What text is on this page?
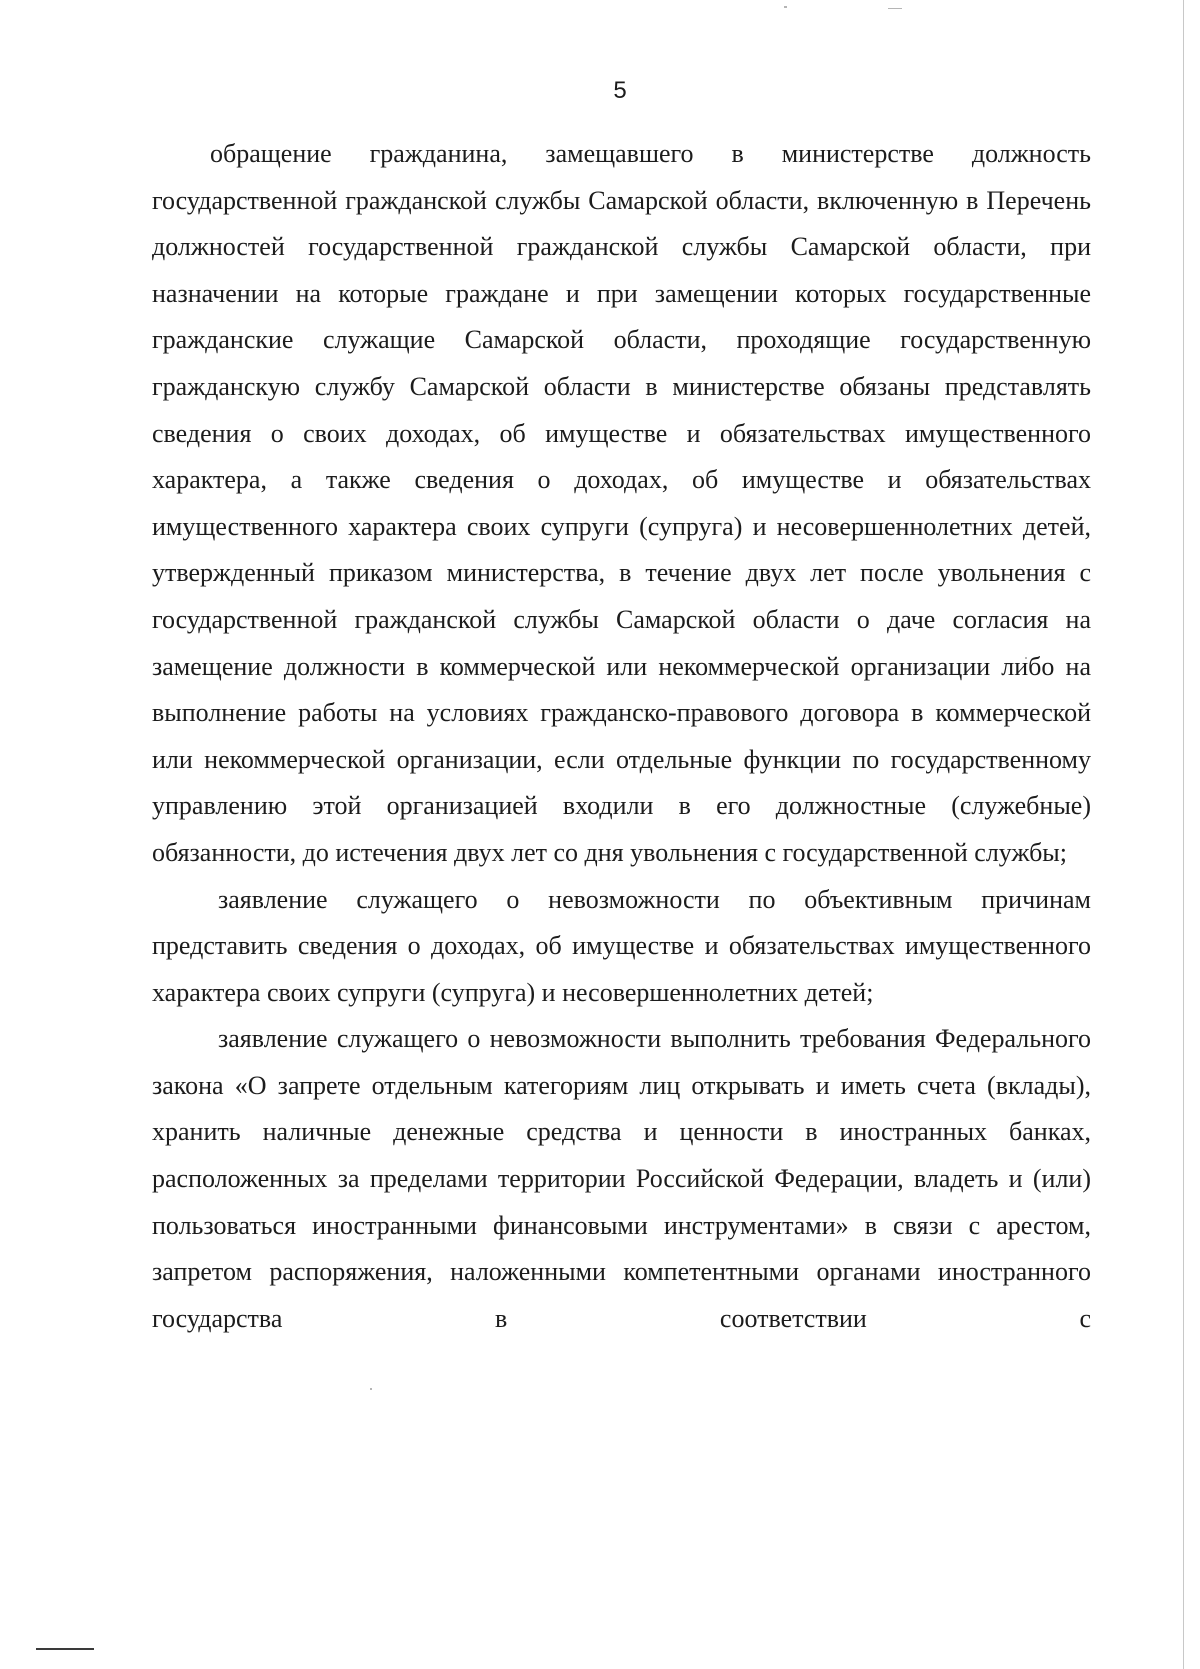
5

обращение гражданина, замещавшего в министерстве должность государственной гражданской службы Самарской области, включенную в Перечень должностей государственной гражданской службы Самарской области, при назначении на которые граждане и при замещении которых государственные гражданские служащие Самарской области, проходящие государственную гражданскую службу Самарской области в министерстве обязаны представлять сведения о своих доходах, об имуществе и обязательствах имущественного характера, а также сведения о доходах, об имуществе и обязательствах имущественного характера своих супруги (супруга) и несовершеннолетних детей, утвержденный приказом министерства, в течение двух лет после увольнения с государственной гражданской службы Самарской области о даче согласия на замещение должности в коммерческой или некоммерческой организации либо на выполнение работы на условиях гражданско-правового договора в коммерческой или некоммерческой организации, если отдельные функции по государственному управлению этой организацией входили в его должностные (служебные) обязанности, до истечения двух лет со дня увольнения с государственной службы;

заявление служащего о невозможности по объективным причинам представить сведения о доходах, об имуществе и обязательствах имущественного характера своих супруги (супруга) и несовершеннолетних детей;

заявление служащего о невозможности выполнить требования Федерального закона «О запрете отдельным категориям лиц открывать и иметь счета (вклады), хранить наличные денежные средства и ценности в иностранных банках, расположенных за пределами территории Российской Федерации, владеть и (или) пользоваться иностранными финансовыми инструментами» в связи с арестом, запретом распоряжения, наложенными компетентными органами иностранного государства в соответствии с
